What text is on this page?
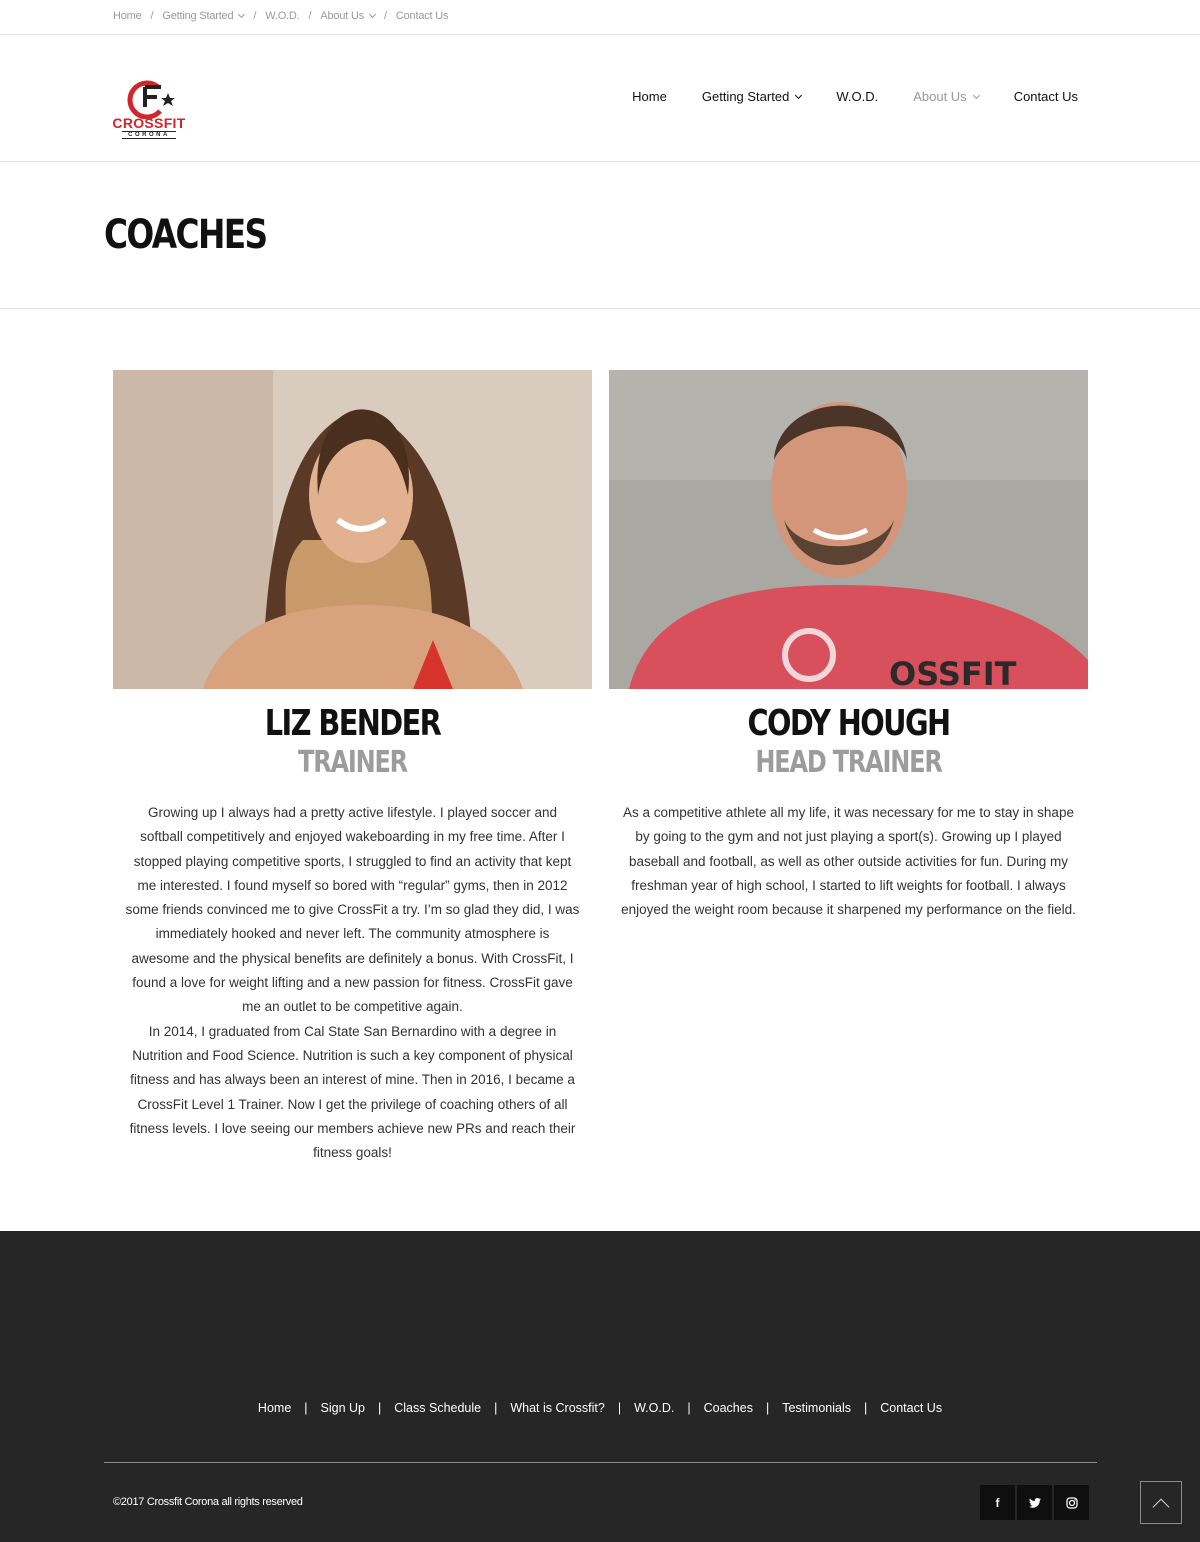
Home / Getting Started / W.O.D. / About Us / Contact Us
CROSSFIT
CORONA
Home	Getting Started	W.O.D.	About Us	Contact Us
COACHES
LIZ BENDER
TRAINER

Growing up I always had a pretty active lifestyle. I played soccer and softball competitively and enjoyed wakeboarding in my free time. After I stopped playing competitive sports, I struggled to find an activity that kept me interested. I found myself so bored with “regular” gyms, then in 2012 some friends convinced me to give CrossFit a try. I’m so glad they did, I was immediately hooked and never left. The community atmosphere is awesome and the physical benefits are definitely a bonus. With CrossFit, I found a love for weight lifting and a new passion for fitness. CrossFit gave me an outlet to be competitive again.

In 2014, I graduated from Cal State San Bernardino with a degree in Nutrition and Food Science. Nutrition is such a key component of physical fitness and has always been an interest of mine. Then in 2016, I became a CrossFit Level 1 Trainer. Now I get the privilege of coaching others of all fitness levels. I love seeing our members achieve new PRs and reach their fitness goals!

OSSFIT
CODY HOUGH
HEAD TRAINER

As a competitive athlete all my life, it was necessary for me to stay in shape by going to the gym and not just playing a sport(s). Growing up I played baseball and football, as well as other outside activities for fun. During my freshman year of high school, I started to lift weights for football. I always enjoyed the weight room because it sharpened my performance on the field.

Home | Sign Up | Class Schedule | What is Crossfit? | W.O.D. | Coaches | Testimonials | Contact Us
©2017 Crossfit Corona all rights reserved	f
